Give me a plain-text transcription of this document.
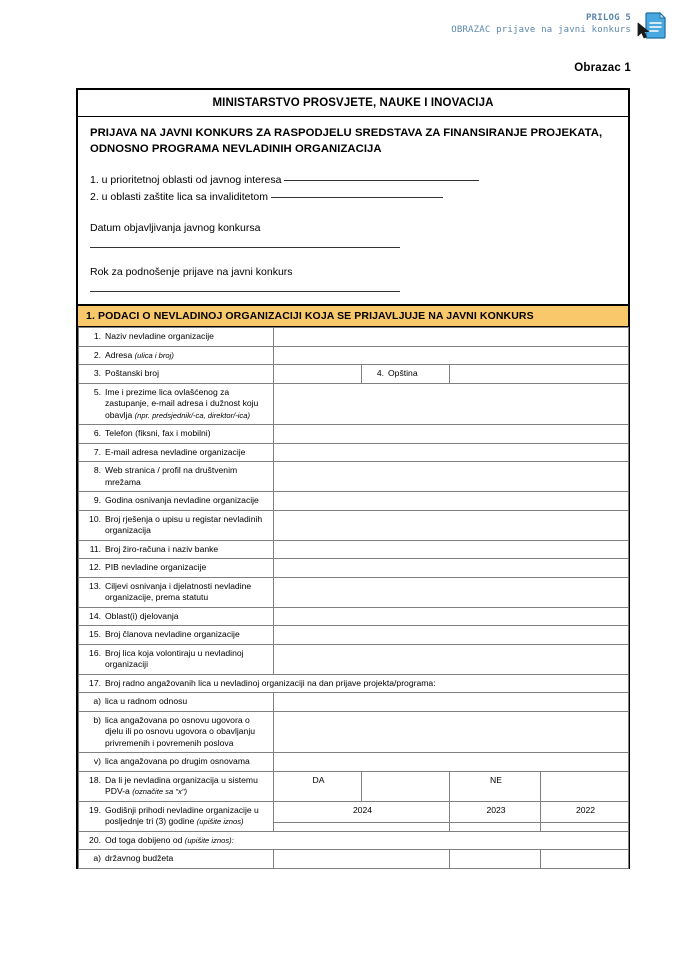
PRILOG 5
OBRAZAC prijave na javni konkurs
Obrazac 1
MINISTARSTVO PROSVJETE, NAUKE I INOVACIJA
PRIJAVA NA JAVNI KONKURS ZA RASPODJELU SREDSTAVA ZA FINANSIRANJE PROJEKATA, ODNOSNO PROGRAMA NEVLADINIH ORGANIZACIJA
1. u prioritetnoj oblasti od javnog interesa
2. u oblasti zaštite lica sa invaliditetom
Datum objavljivanja javnog konkursa
Rok za podnošenje prijave na javni konkurs
1. PODACI O NEVLADINOJ ORGANIZACIJI KOJA SE PRIJAVLJUJE NA JAVNI KONKURS
1. Naziv nevladine organizacije				
2. Adresa (ulica i broj)				
3. Poštanski broj		4. Opština		
5. Ime i prezime lica ovlašćenog za zastupanje, e-mail adresa i dužnost koju obavlja (npr. predsjednik/-ca, direktor/-ica)				
6. Telefon (fiksni, fax i mobilni)				
7. E-mail adresa nevladine organizacije				
8. Web stranica / profil na društvenim mrežama				
9. Godina osnivanja nevladine organizacije				
10. Broj rješenja o upisu u registar nevladinih organizacija				
11. Broj žiro-računa i naziv banke				
12. PIB nevladine organizacije				
13. Ciljevi osnivanja i djelatnosti nevladine organizacije, prema statutu				
14. Oblast(i) djelovanja				
15. Broj članova nevladine organizacije				
16. Broj lica koja volontiraju u nevladinoj organizaciji				
17. Broj radno angažovanih lica u nevladinoj organizaciji na dan prijave projekta/programa:				
a) lica u radnom odnosu				
b) lica angažovana po osnovu ugovora o djelu ili po osnovu ugovora o obavljanju privremenih i povremenih poslova				
v) lica angažovana po drugim osnovama				
18. Da li je nevladina organizacija u sistemu PDV-a (označite sa "x")	DA		NE	
19. Godišnji prihodi nevladine organizacije u posljednje tri (3) godine (upišite iznos)	2024		2023	2022

20. Od toga dobijeno od (upišite iznos):				
a) državnog budžeta				
